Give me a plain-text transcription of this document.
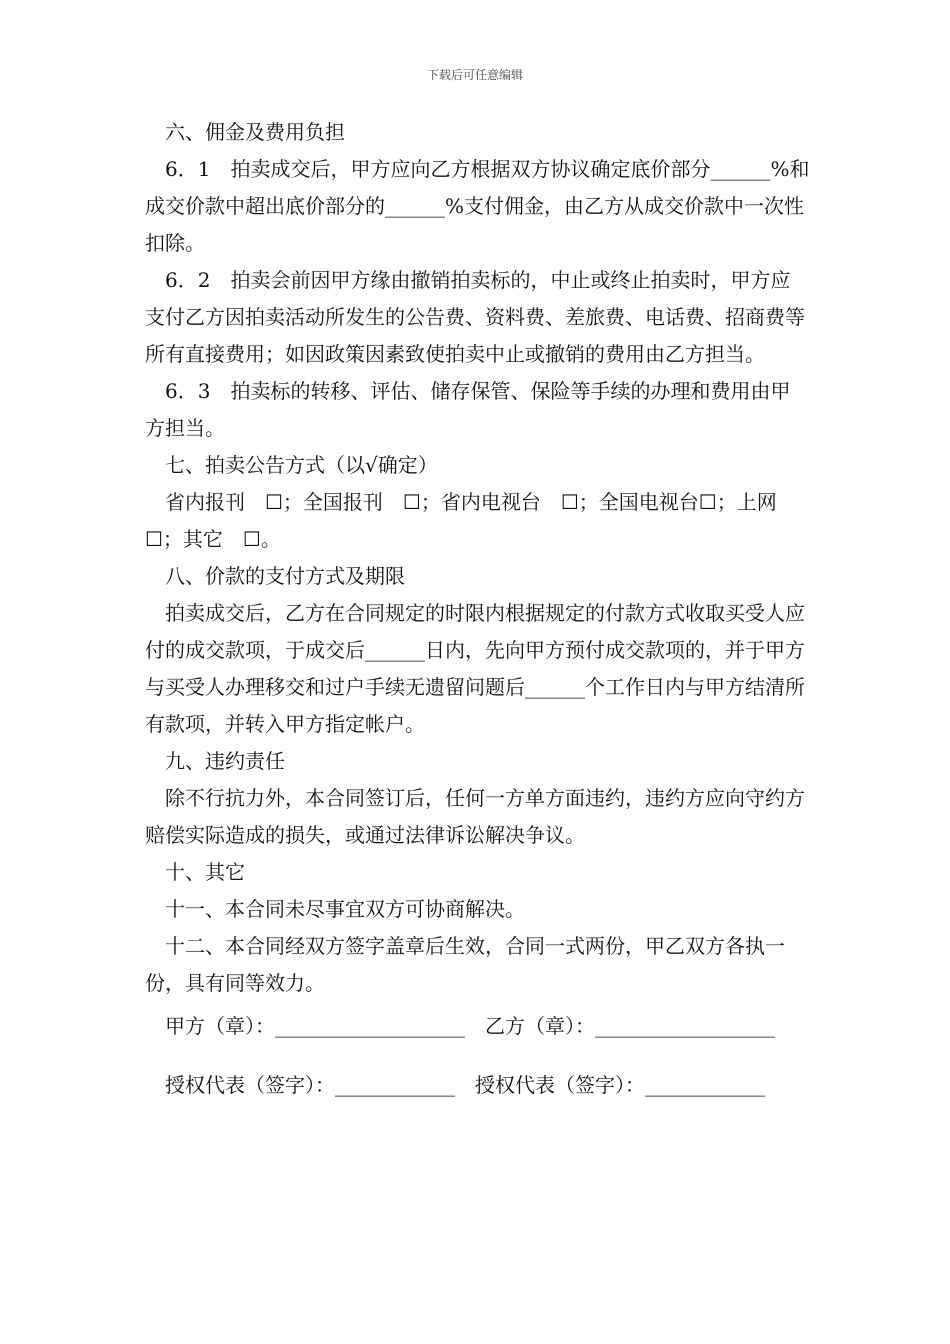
下载后可任意编辑

六、佣金及费用负担

6．1　拍卖成交后，甲方应向乙方根据双方协议确定底价部分______%和成交价款中超出底价部分的______%支付佣金，由乙方从成交价款中一次性扣除。

6．2　拍卖会前因甲方缘由撤销拍卖标的，中止或终止拍卖时，甲方应支付乙方因拍卖活动所发生的公告费、资料费、差旅费、电话费、招商费等所有直接费用；如因政策因素致使拍卖中止或撤销的费用由乙方担当。

6．3　拍卖标的转移、评估、储存保管、保险等手续的办理和费用由甲方担当。

七、拍卖公告方式（以√确定）

省内报刊　☐；全国报刊　☐；省内电视台　☐；全国电视台☐；上网　☐；其它　☐。

八、价款的支付方式及期限

拍卖成交后，乙方在合同规定的时限内根据规定的付款方式收取买受人应付的成交款项，于成交后______日内，先向甲方预付成交款项的，并于甲方与买受人办理移交和过户手续无遗留问题后______个工作日内与甲方结清所有款项，并转入甲方指定帐户。

九、违约责任

除不行抗力外，本合同签订后，任何一方单方面违约，违约方应向守约方赔偿实际造成的损失，或通过法律诉讼解决争议。

十、其它

十一、本合同未尽事宜双方可协商解决。

十二、本合同经双方签字盖章后生效，合同一式两份，甲乙双方各执一份，具有同等效力。

甲方（章）：___________________　乙方（章）：__________________

授权代表（签字）：____________　授权代表（签字）：____________
